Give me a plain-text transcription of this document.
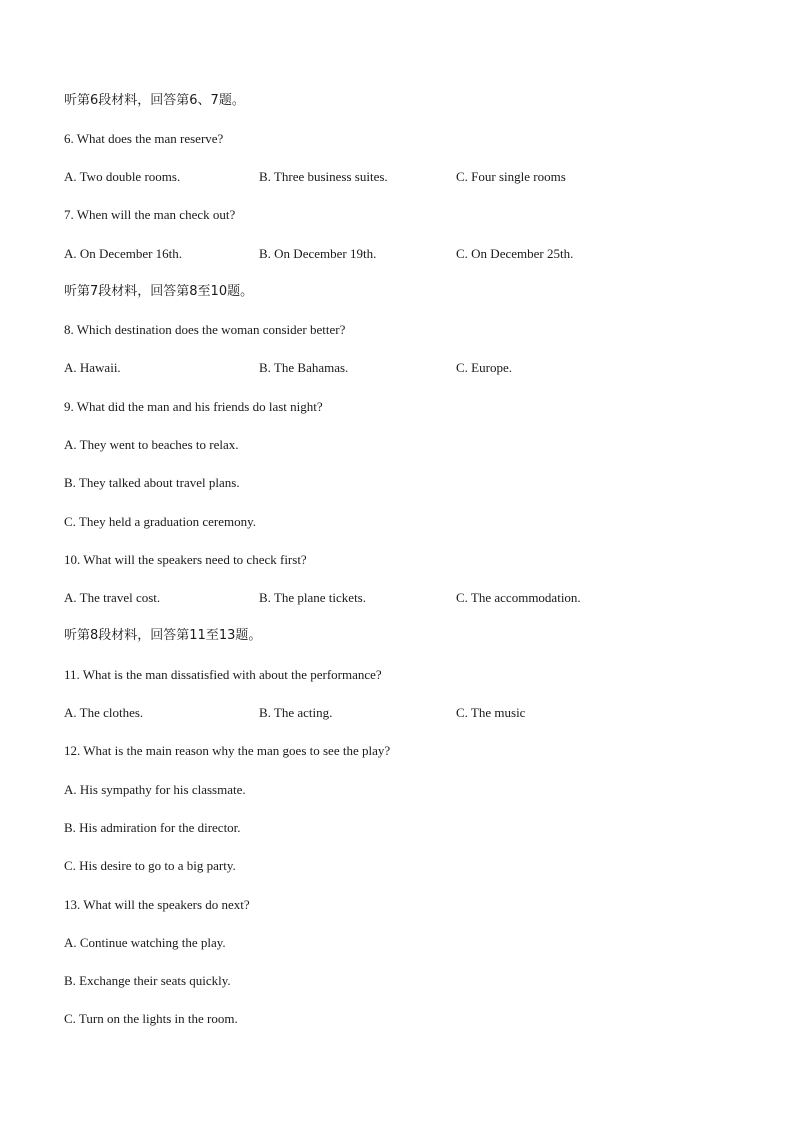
听第6段材料，回答第6、7题。
6. What does the man reserve?
A. Two double rooms.	B. Three business suites.	C. Four single rooms
7. When will the man check out?
A. On December 16th.	B. On December 19th.	C. On December 25th.
听第7段材料，回答第8至10题。
8. Which destination does the woman consider better?
A. Hawaii.	B. The Bahamas.	C. Europe.
9. What did the man and his friends do last night?
A. They went to beaches to relax.
B. They talked about travel plans.
C. They held a graduation ceremony.
10. What will the speakers need to check first?
A. The travel cost.	B. The plane tickets.	C. The accommodation.
听第8段材料，回答第11至13题。
11. What is the man dissatisfied with about the performance?
A. The clothes.	B. The acting.	C. The music
12. What is the main reason why the man goes to see the play?
A. His sympathy for his classmate.
B. His admiration for the director.
C. His desire to go to a big party.
13. What will the speakers do next?
A. Continue watching the play.
B. Exchange their seats quickly.
C. Turn on the lights in the room.
